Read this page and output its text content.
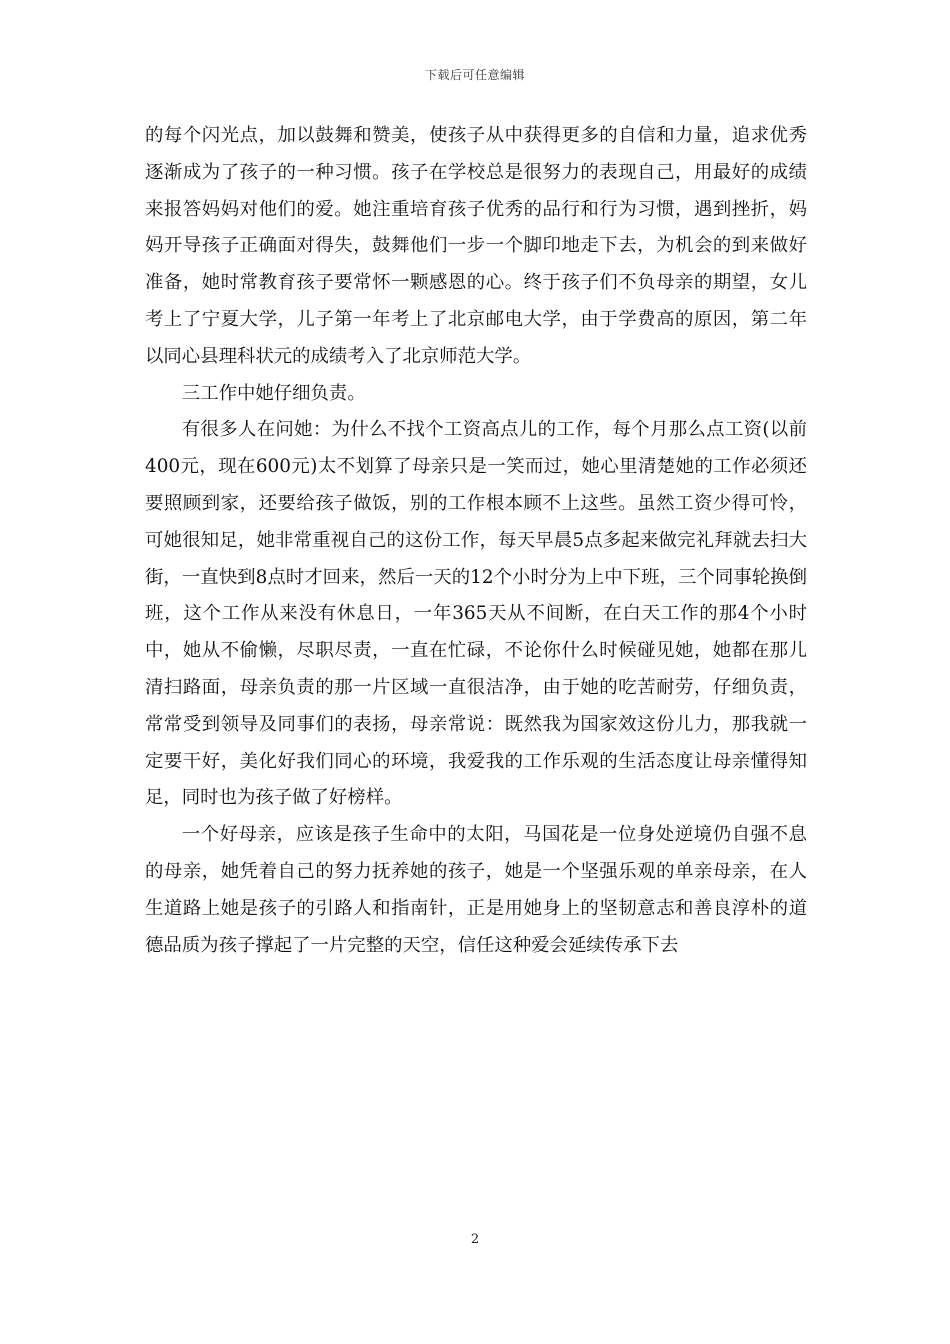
下载后可任意编辑

的每个闪光点，加以鼓舞和赞美，使孩子从中获得更多的自信和力量，追求优秀逐渐成为了孩子的一种习惯。孩子在学校总是很努力的表现自己，用最好的成绩来报答妈妈对他们的爱。她注重培育孩子优秀的品行和行为习惯，遇到挫折，妈妈开导孩子正确面对得失，鼓舞他们一步一个脚印地走下去，为机会的到来做好准备，她时常教育孩子要常怀一颗感恩的心。终于孩子们不负母亲的期望，女儿考上了宁夏大学，儿子第一年考上了北京邮电大学，由于学费高的原因，第二年以同心县理科状元的成绩考入了北京师范大学。

三工作中她仔细负责。

有很多人在问她：为什么不找个工资高点儿的工作，每个月那么点工资(以前400元，现在600元)太不划算了母亲只是一笑而过，她心里清楚她的工作必须还要照顾到家，还要给孩子做饭，别的工作根本顾不上这些。虽然工资少得可怜，可她很知足，她非常重视自己的这份工作，每天早晨5点多起来做完礼拜就去扫大街，一直快到8点时才回来，然后一天的12个小时分为上中下班，三个同事轮换倒班，这个工作从来没有休息日，一年365天从不间断，在白天工作的那4个小时中，她从不偷懒，尽职尽责，一直在忙碌，不论你什么时候碰见她，她都在那儿清扫路面，母亲负责的那一片区域一直很洁净，由于她的吃苦耐劳，仔细负责，常常受到领导及同事们的表扬，母亲常说：既然我为国家效这份儿力，那我就一定要干好，美化好我们同心的环境，我爱我的工作乐观的生活态度让母亲懂得知足，同时也为孩子做了好榜样。

一个好母亲，应该是孩子生命中的太阳，马国花是一位身处逆境仍自强不息的母亲，她凭着自己的努力抚养她的孩子，她是一个坚强乐观的单亲母亲，在人生道路上她是孩子的引路人和指南针，正是用她身上的坚韧意志和善良淳朴的道德品质为孩子撑起了一片完整的天空，信任这种爱会延续传承下去

2
